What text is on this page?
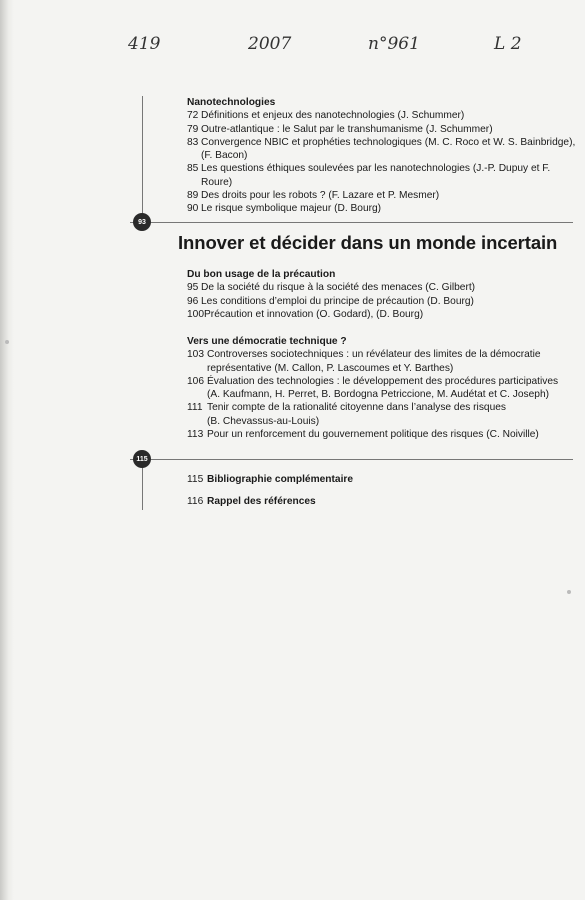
419	2007	n°961	L 2
Nanotechnologies
72 Définitions et enjeux des nanotechnologies (J. Schummer)
79 Outre-atlantique : le Salut par le transhumanisme (J. Schummer)
83 Convergence NBIC et prophéties technologiques (M. C. Roco et W. S. Bainbridge),
(F. Bacon)
85 Les questions éthiques soulevées par les nanotechnologies (J.-P. Dupuy et F. Roure)
89 Des droits pour les robots ? (F. Lazare et P. Mesmer)
90 Le risque symbolique majeur (D. Bourg)
93
Innover et décider dans un monde incertain
Du bon usage de la précaution
95 De la société du risque à la société des menaces (C. Gilbert)
96 Les conditions d’emploi du principe de précaution (D. Bourg)
100 Précaution et innovation (O. Godard), (D. Bourg)
Vers une démocratie technique ?
103 Controverses sociotechniques : un révélateur des limites de la démocratie
représentative (M. Callon, P. Lascoumes et Y. Barthes)
106 Évaluation des technologies : le développement des procédures participatives
(A. Kaufmann, H. Perret, B. Bordogna Petriccione, M. Audétat et C. Joseph)
111 Tenir compte de la rationalité citoyenne dans l’analyse des risques
(B. Chevassus-au-Louis)
113 Pour un renforcement du gouvernement politique des risques (C. Noiville)
115
115 Bibliographie complémentaire
116 Rappel des références
